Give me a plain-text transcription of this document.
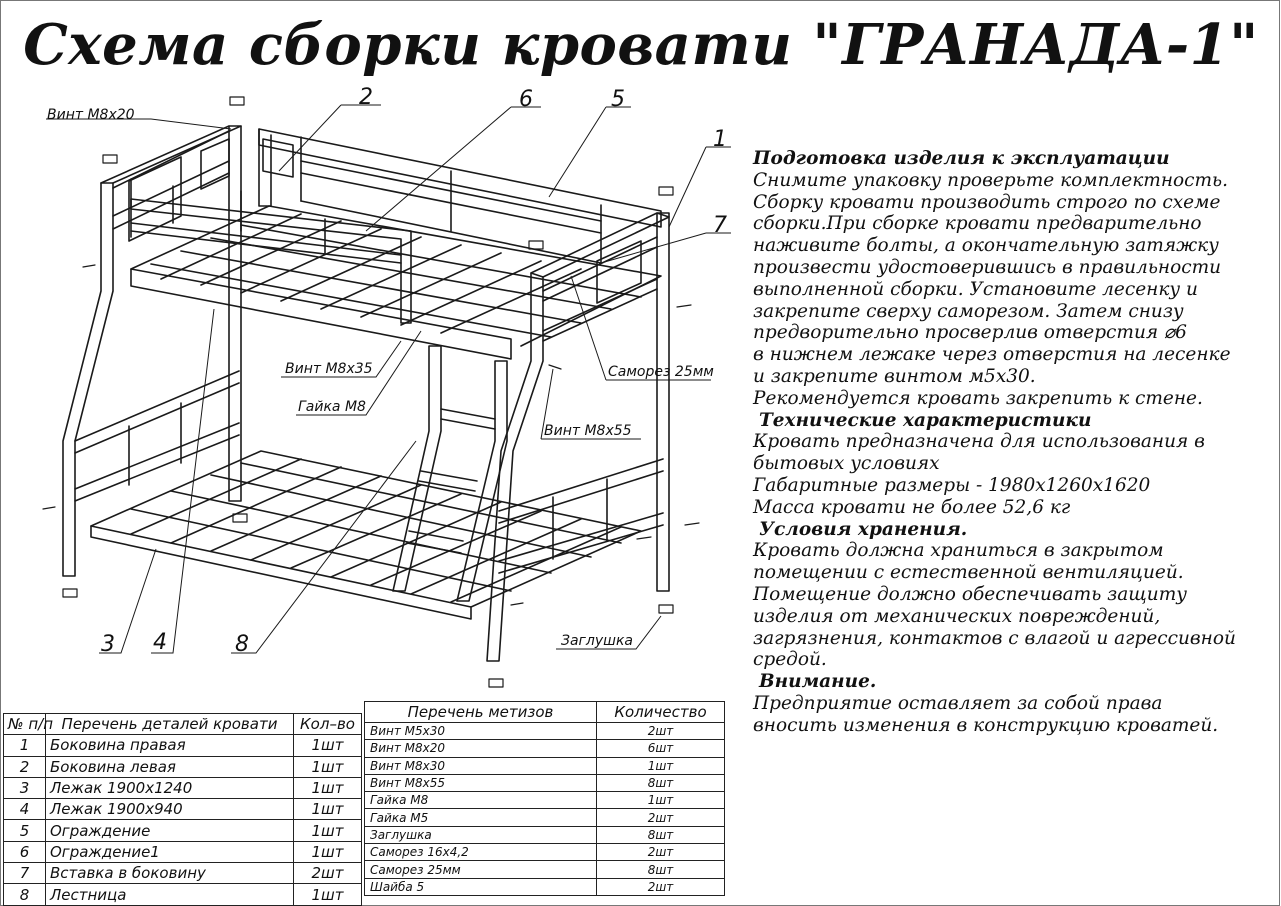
Схема сборки кровати "ГРАНАДА-1"
Винт М8х20
2	6	5
1
7
Винт М8х35
Гайка М8
Саморез 25мм
Винт М8х55
Заглушка
3 4	8
Подготовка изделия к эксплуатации
Снимите упаковку проверьте комплектность.
Сборку кровати производить строго по схеме
сборки.При сборке кровати предварительно
наживите болты, а окончательную затяжку
произвести удостоверившись в правильности
выполненной сборки. Установите лесенку и
закрепите сверху саморезом. Затем снизу
предворительно просверлив отверстия ⌀6
в нижнем лежаке через отверстия на лесенке
и закрепите винтом м5х30.
Рекомендуется кровать закрепить к стене.
Технические характеристики
Кровать предназначена для использования в
бытовых условиях
Габаритные размеры - 1980х1260х1620
Масса кровати не более 52,6 кг
Условия хранения.
Кровать должна храниться в закрытом
помещении с естественной вентиляцией.
Помещение должно обеспечивать защиту
изделия от механических повреждений,
загрязнения, контактов с влагой и агрессивной
средой.
Внимание.
Предприятие оставляет за собой права
вносить изменения в конструкцию кроватей.
№ п/п	Перечень деталей кровати	Кол–во
1	Боковина правая	1шт
2	Боковина левая	1шт
3	Лежак 1900х1240	1шт
4	Лежак 1900х940	1шт
5	Ограждение	1шт
6	Ограждение1	1шт
7	Вставка в боковину	2шт
8	Лестница	1шт
Перечень метизов	Количество
Винт М5х30	2шт
Винт М8х20	6шт
Винт М8х30	1шт
Винт М8х55	8шт
Гайка М8	1шт
Гайка М5	2шт
Заглушка	8шт
Саморез 16х4,2	2шт
Саморез 25мм	8шт
Шайба 5	2шт
